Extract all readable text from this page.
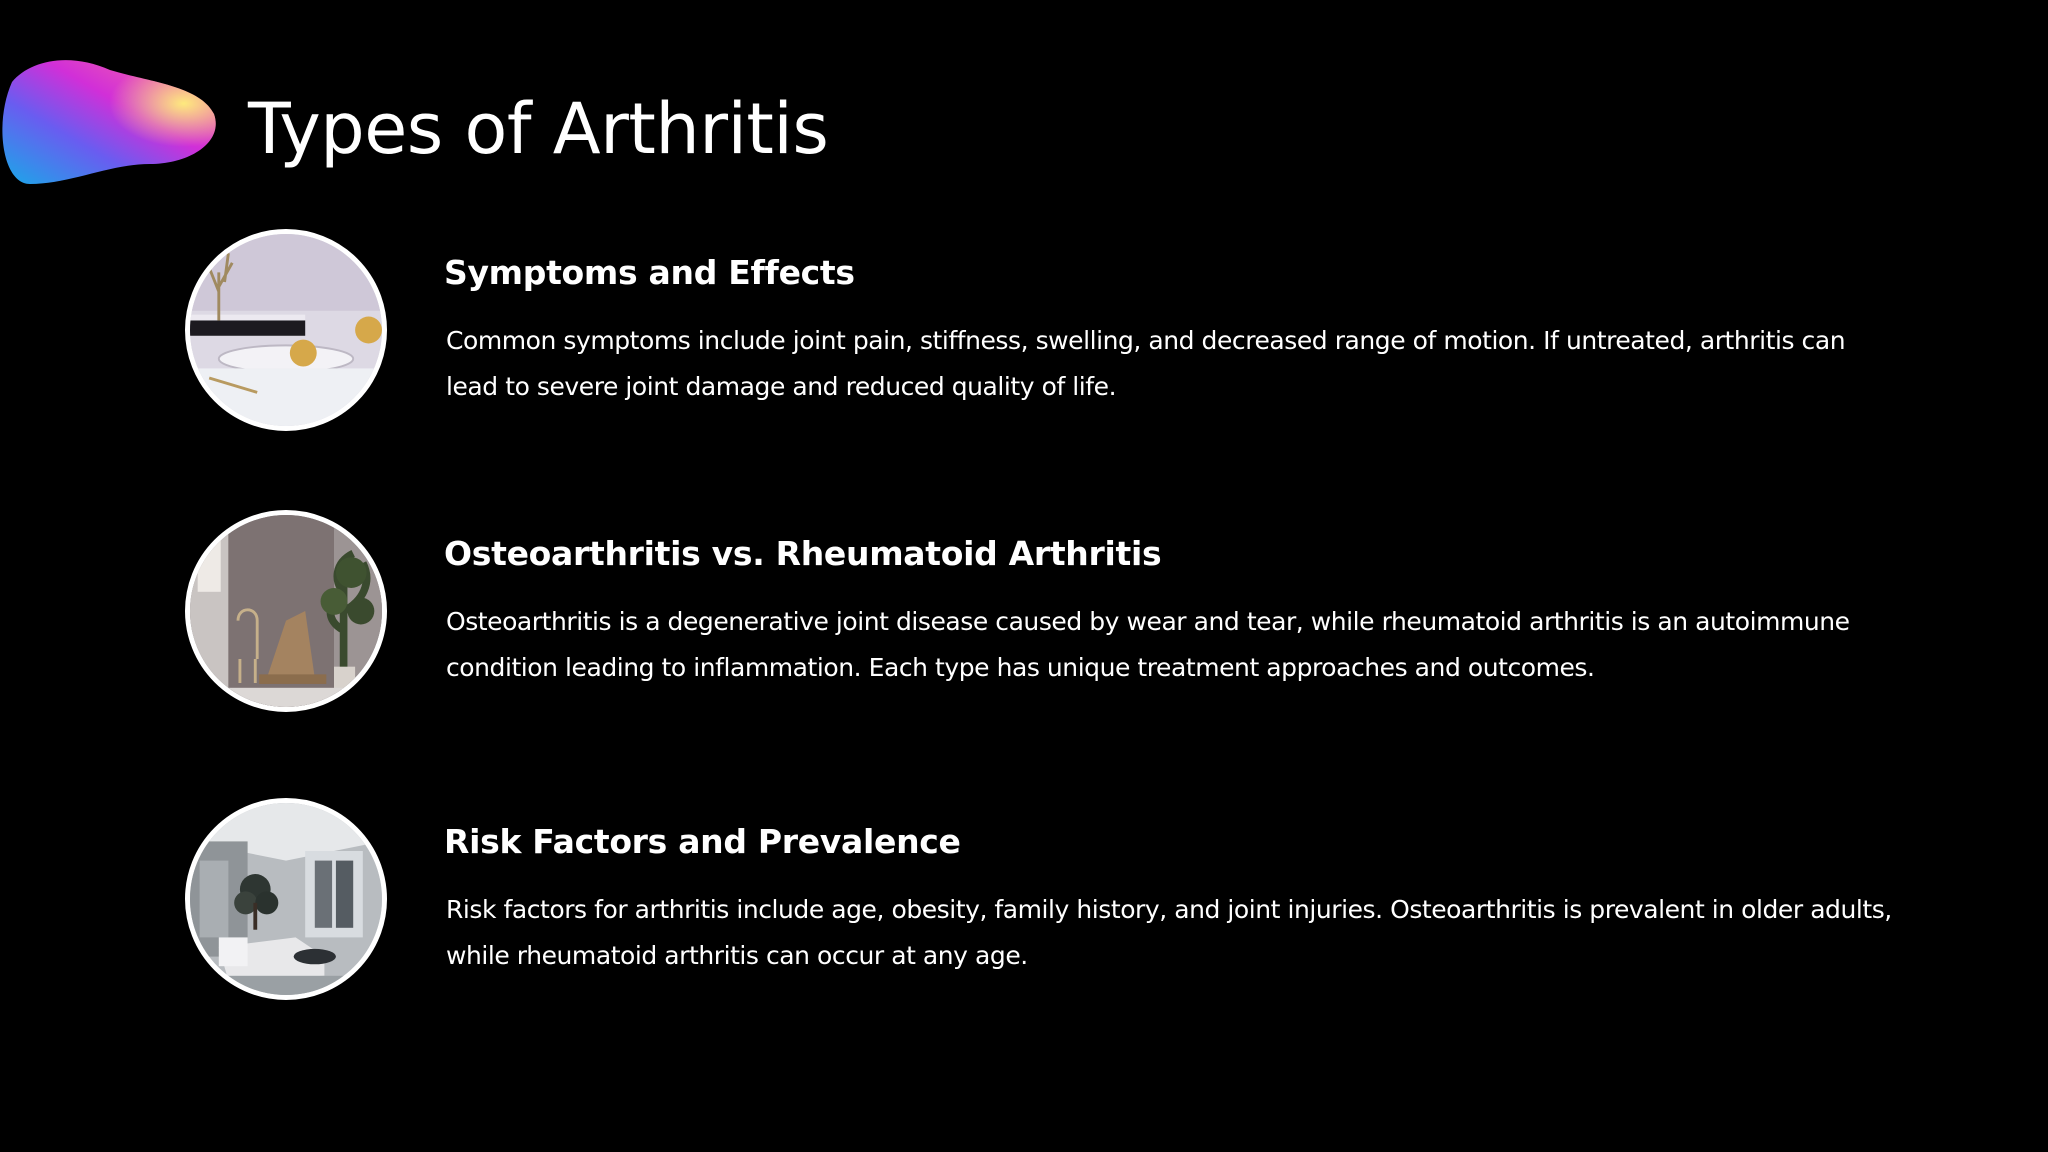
Types of Arthritis
Symptoms and Effects

Common symptoms include joint pain, stiffness, swelling, and decreased range of motion. If untreated, arthritis can lead to severe joint damage and reduced quality of life.

Osteoarthritis vs. Rheumatoid Arthritis

Osteoarthritis is a degenerative joint disease caused by wear and tear, while rheumatoid arthritis is an autoimmune condition leading to inflammation. Each type has unique treatment approaches and outcomes.

Risk Factors and Prevalence

Risk factors for arthritis include age, obesity, family history, and joint injuries. Osteoarthritis is prevalent in older adults, while rheumatoid arthritis can occur at any age.
